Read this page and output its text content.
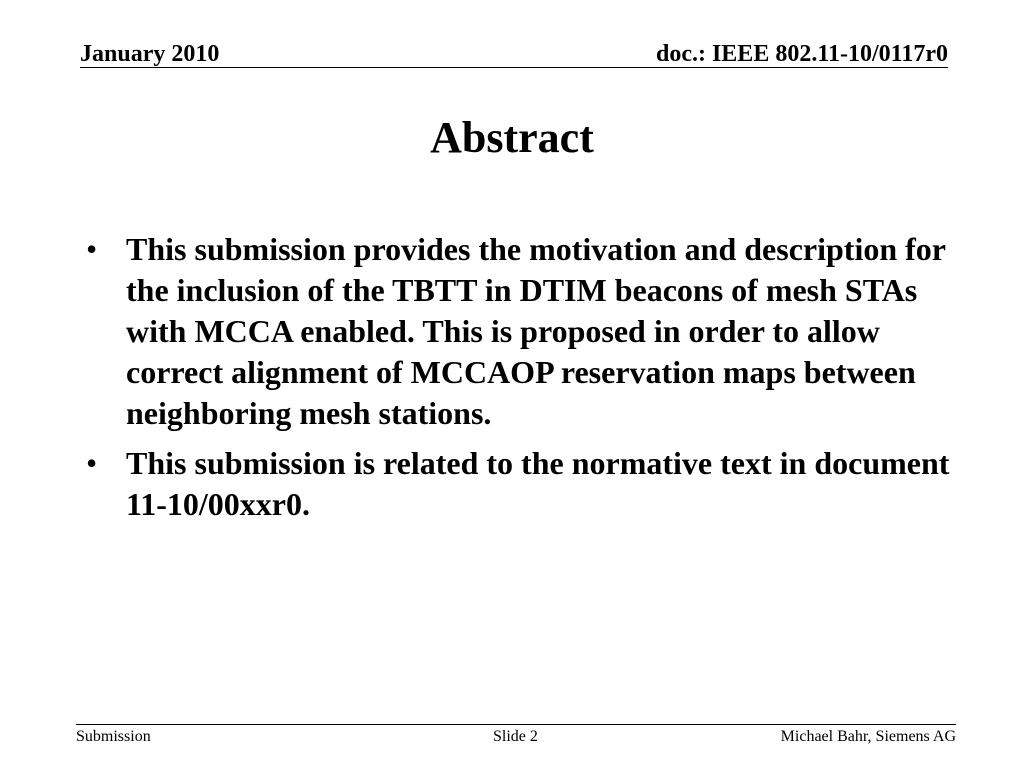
January 2010	doc.: IEEE 802.11-10/0117r0
Abstract
• This submission provides the motivation and description for the inclusion of the TBTT in DTIM beacons of mesh STAs with MCCA enabled. This is proposed in order to allow correct alignment of MCCAOP reservation maps between neighboring mesh stations.
• This submission is related to the normative text in document 11-10/00xxr0.
Submission	Slide 2	Michael Bahr, Siemens AG
